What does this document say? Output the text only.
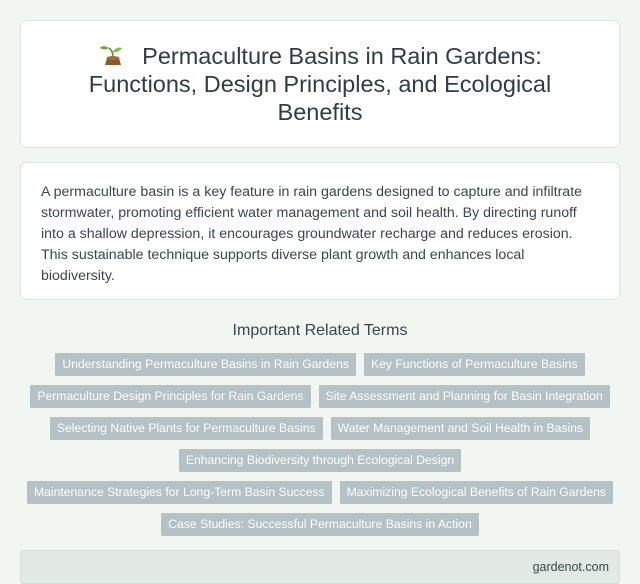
Permaculture Basins in Rain Gardens: Functions, Design Principles, and Ecological Benefits

A permaculture basin is a key feature in rain gardens designed to capture and infiltrate stormwater, promoting efficient water management and soil health. By directing runoff into a shallow depression, it encourages groundwater recharge and reduces erosion. This sustainable technique supports diverse plant growth and enhances local biodiversity.

Important Related Terms
Understanding Permaculture Basins in Rain Gardens	Key Functions of Permaculture Basins
Permaculture Design Principles for Rain Gardens	Site Assessment and Planning for Basin Integration
Selecting Native Plants for Permaculture Basins	Water Management and Soil Health in Basins
Enhancing Biodiversity through Ecological Design
Maintenance Strategies for Long-Term Basin Success	Maximizing Ecological Benefits of Rain Gardens
Case Studies: Successful Permaculture Basins in Action
gardenot.com
